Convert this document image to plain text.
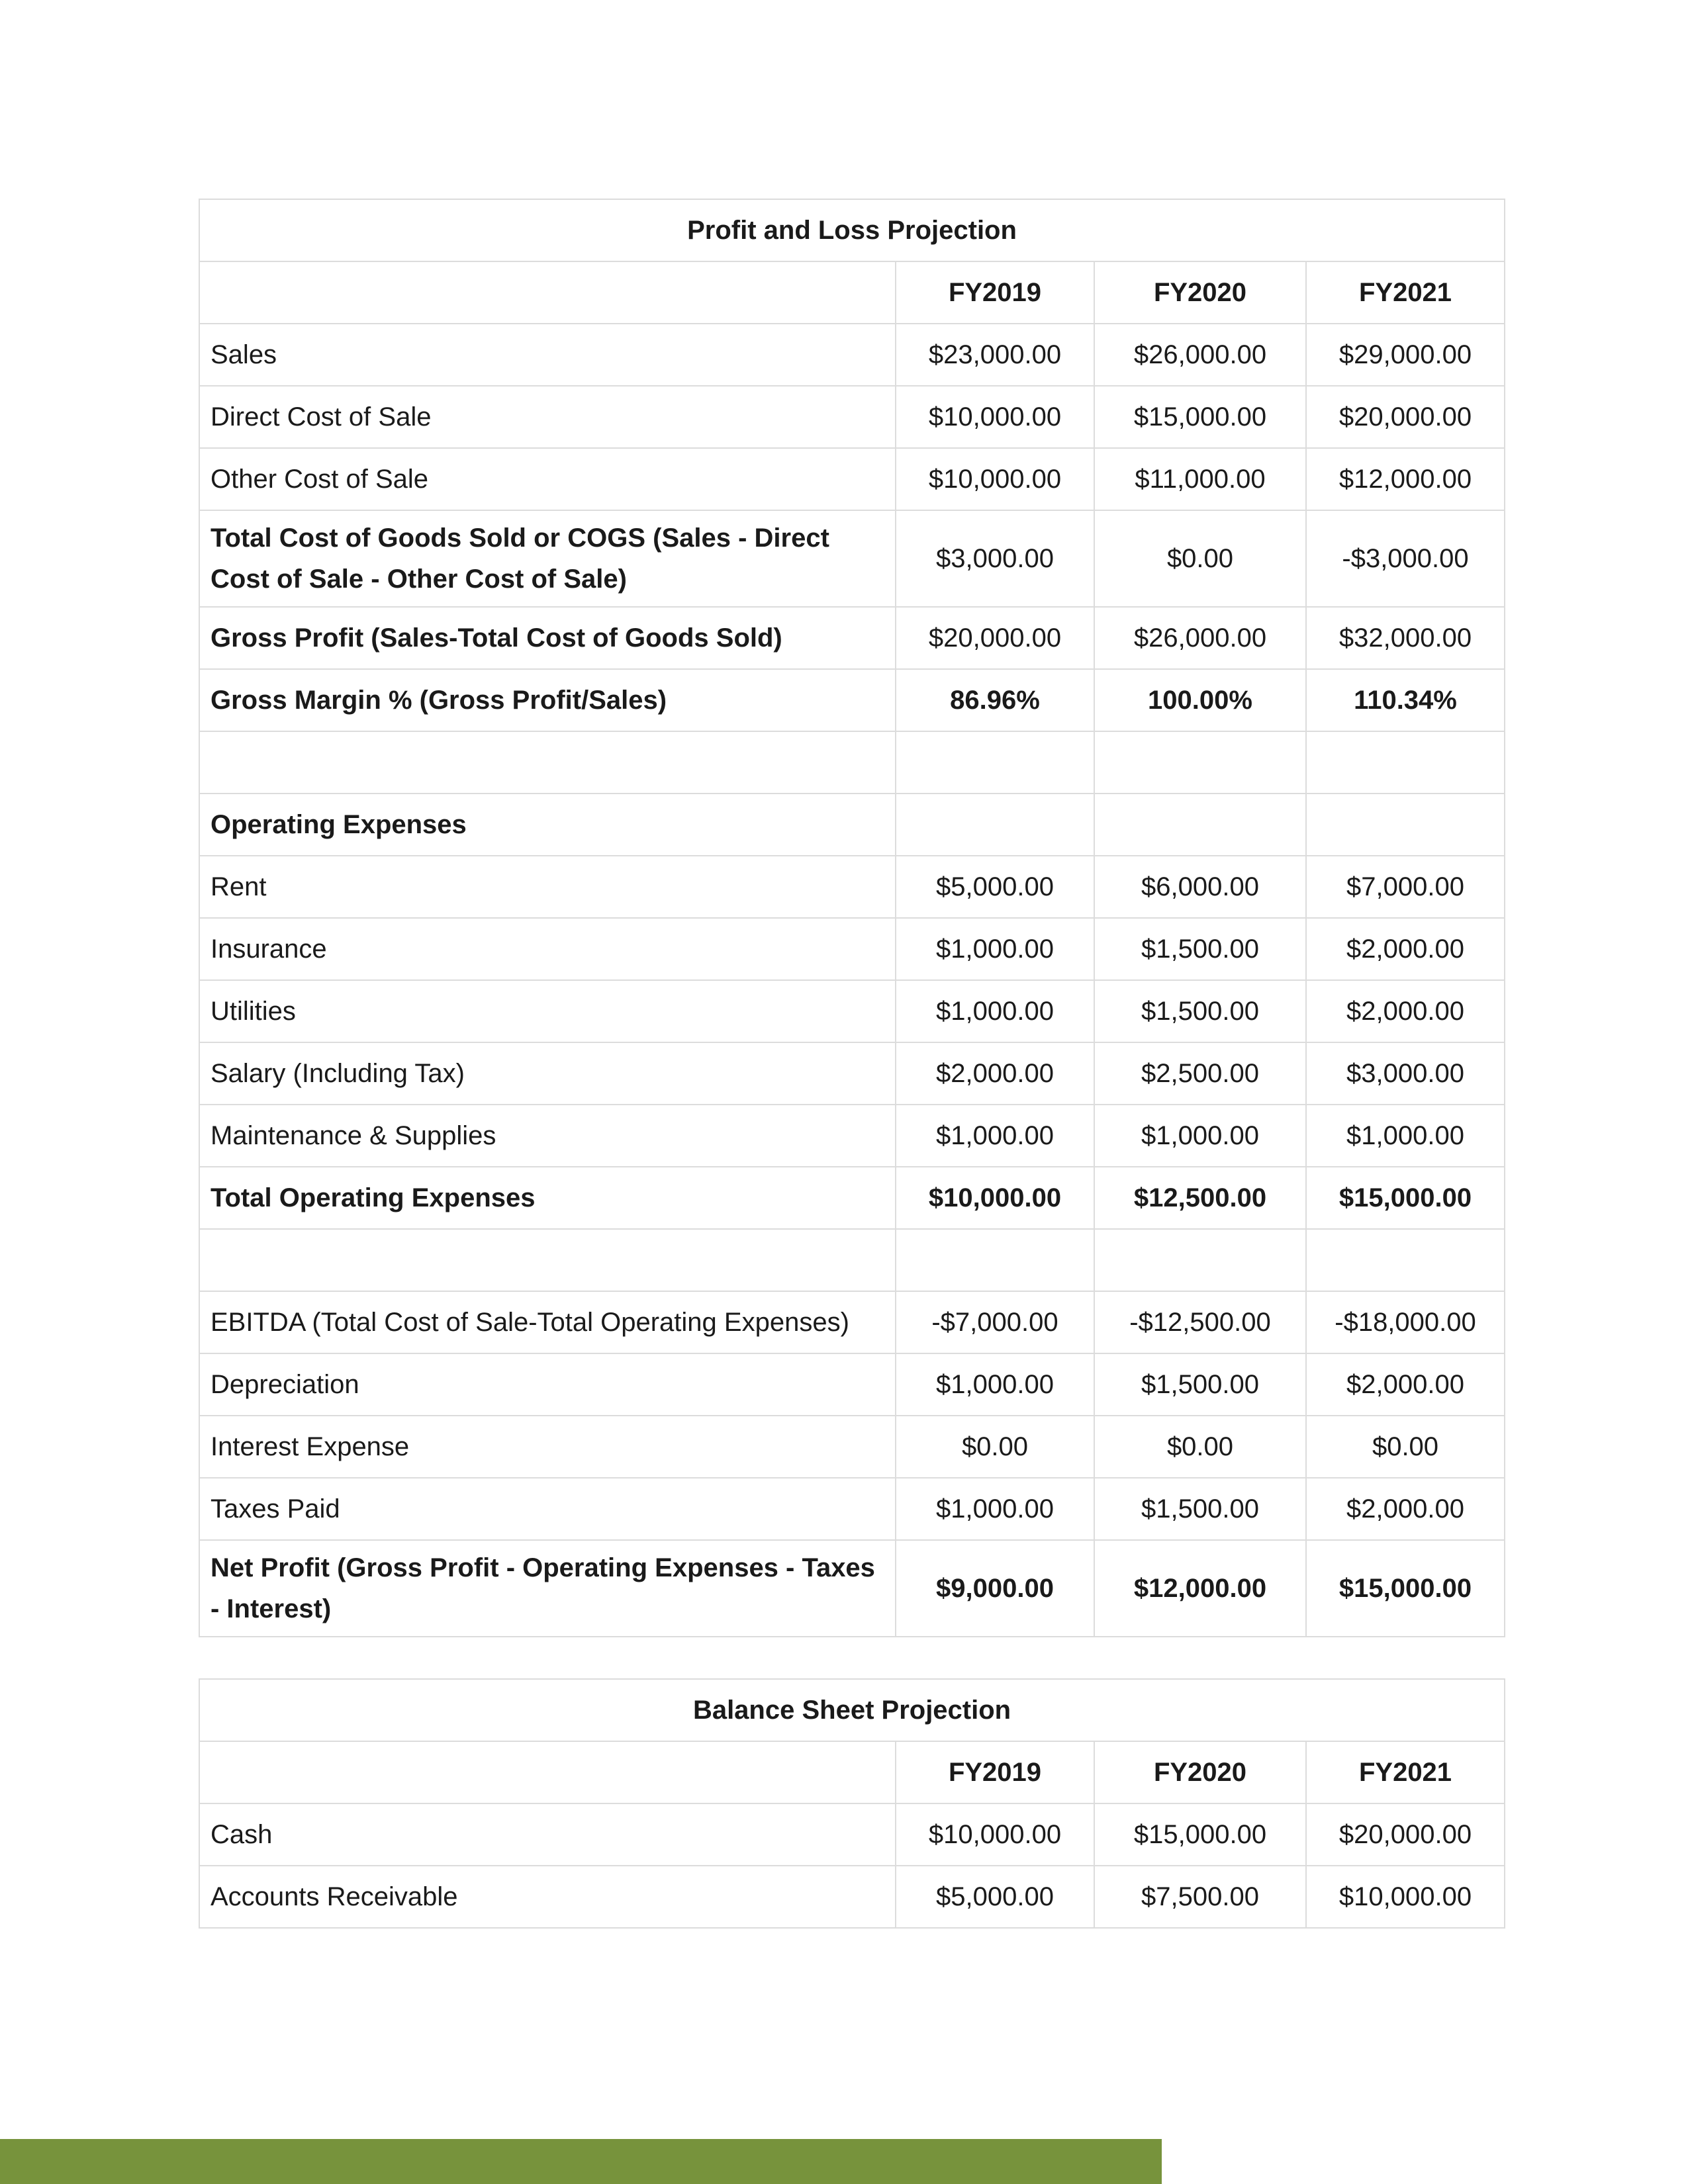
Profit and Loss Projection			
	FY2019	FY2020	FY2021
Sales	$23,000.00	$26,000.00	$29,000.00
Direct Cost of Sale	$10,000.00	$15,000.00	$20,000.00
Other Cost of Sale	$10,000.00	$11,000.00	$12,000.00
Total Cost of Goods Sold or COGS (Sales - Direct Cost of Sale - Other Cost of Sale)	$3,000.00	$0.00	-$3,000.00
Gross Profit (Sales-Total Cost of Goods Sold)	$20,000.00	$26,000.00	$32,000.00
Gross Margin % (Gross Profit/Sales)	86.96%	100.00%	110.34%

Operating Expenses			
Rent	$5,000.00	$6,000.00	$7,000.00
Insurance	$1,000.00	$1,500.00	$2,000.00
Utilities	$1,000.00	$1,500.00	$2,000.00
Salary (Including Tax)	$2,000.00	$2,500.00	$3,000.00
Maintenance & Supplies	$1,000.00	$1,000.00	$1,000.00
Total Operating Expenses	$10,000.00	$12,500.00	$15,000.00

EBITDA (Total Cost of Sale-Total Operating Expenses)	-$7,000.00	-$12,500.00	-$18,000.00
Depreciation	$1,000.00	$1,500.00	$2,000.00
Interest Expense	$0.00	$0.00	$0.00
Taxes Paid	$1,000.00	$1,500.00	$2,000.00
Net Profit (Gross Profit - Operating Expenses - Taxes - Interest)	$9,000.00	$12,000.00	$15,000.00
Balance Sheet Projection			
	FY2019	FY2020	FY2021
Cash	$10,000.00	$15,000.00	$20,000.00
Accounts Receivable	$5,000.00	$7,500.00	$10,000.00
